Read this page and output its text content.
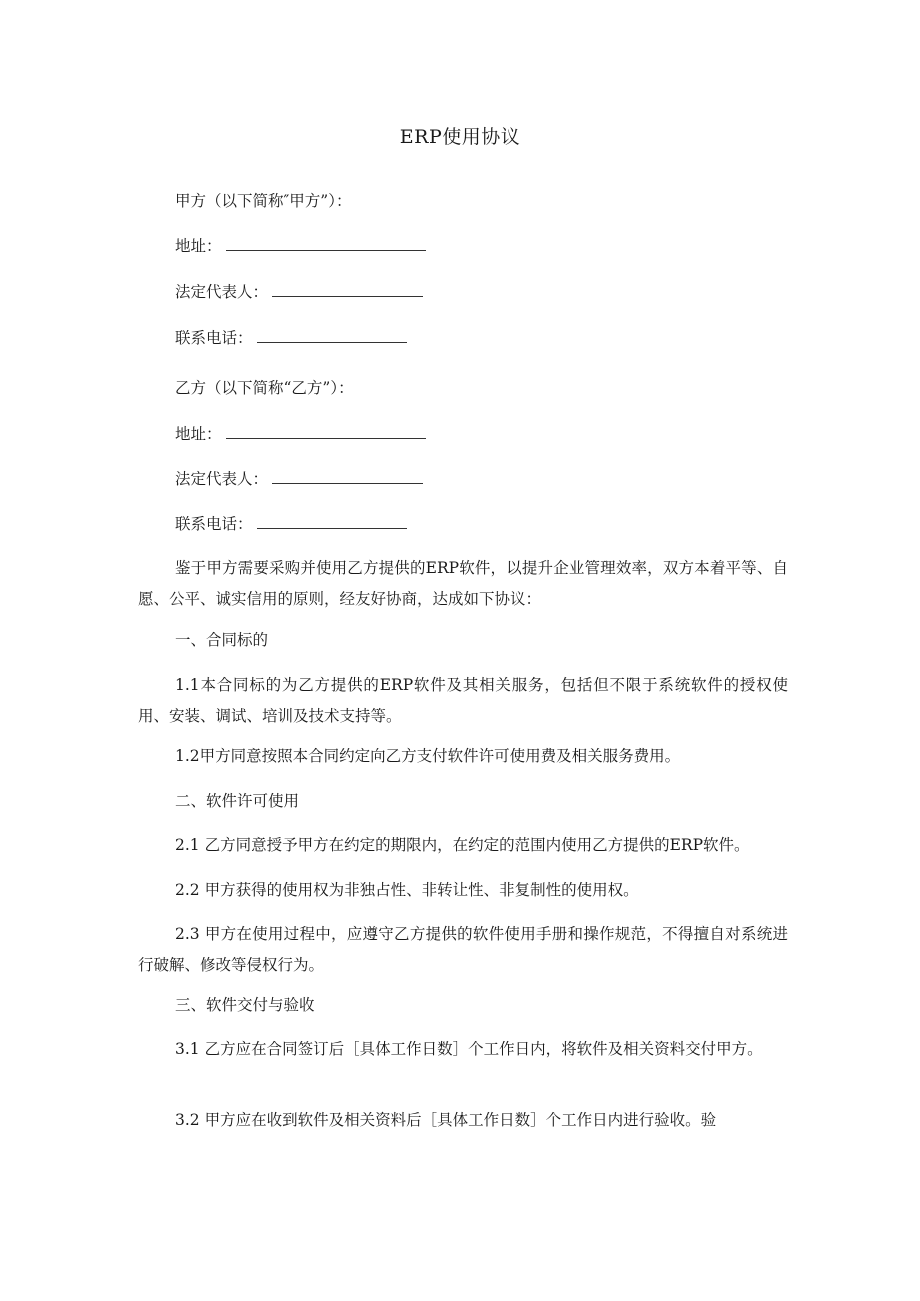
ERP使用协议
甲方（以下简称″甲方”）：
地址：
法定代表人：
联系电话：
乙方（以下简称“乙方”）：
地址：
法定代表人：
联系电话：
鉴于甲方需要采购并使用乙方提供的ERP软件，以提升企业管理效率，双方本着平等、自愿、公平、诚实信用的原则，经友好协商，达成如下协议：
一、合同标的
1.1本合同标的为乙方提供的ERP软件及其相关服务，包括但不限于系统软件的授权使用、安装、调试、培训及技术支持等。
1.2甲方同意按照本合同约定向乙方支付软件许可使用费及相关服务费用。
二、软件许可使用
2.1 乙方同意授予甲方在约定的期限内，在约定的范围内使用乙方提供的ERP软件。
2.2 甲方获得的使用权为非独占性、非转让性、非复制性的使用权。
2.3 甲方在使用过程中，应遵守乙方提供的软件使用手册和操作规范，不得擅自对系统进行破解、修改等侵权行为。
三、软件交付与验收
3.1 乙方应在合同签订后［具体工作日数］个工作日内，将软件及相关资料交付甲方。
3.2 甲方应在收到软件及相关资料后［具体工作日数］个工作日内进行验收。验
